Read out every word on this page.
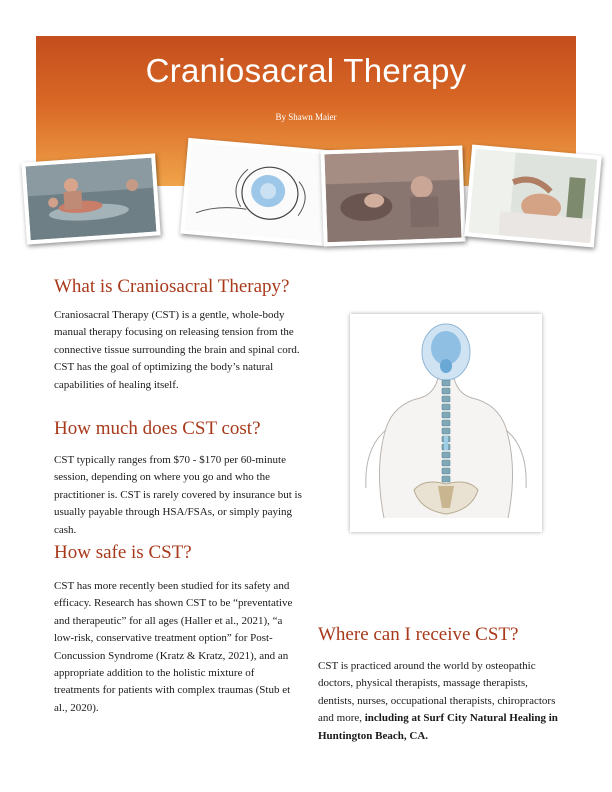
Craniosacral Therapy
By Shawn Maier
What is Craniosacral Therapy?

Craniosacral Therapy (CST) is a gentle, whole-body manual therapy focusing on releasing tension from the connective tissue surrounding the brain and spinal cord. CST has the goal of optimizing the body’s natural capabilities of healing itself.

How much does CST cost?

CST typically ranges from $70 - $170 per 60-minute session, depending on where you go and who the practitioner is. CST is rarely covered by insurance but is usually payable through HSA/FSAs, or simply paying cash.

How safe is CST?

CST has more recently been studied for its safety and efficacy. Research has shown CST to be “preventative and therapeutic” for all ages (Haller et al., 2021), “a low-risk, conservative treatment option” for Post-Concussion Syndrome (Kratz & Kratz, 2021), and an appropriate addition to the holistic mixture of treatments for patients with complex traumas (Stub et al., 2020).

Where can I receive CST?

CST is practiced around the world by osteopathic doctors, physical therapists, massage therapists, dentists, nurses, occupational therapists, chiropractors and more, including at Surf City Natural Healing in Huntington Beach, CA.
